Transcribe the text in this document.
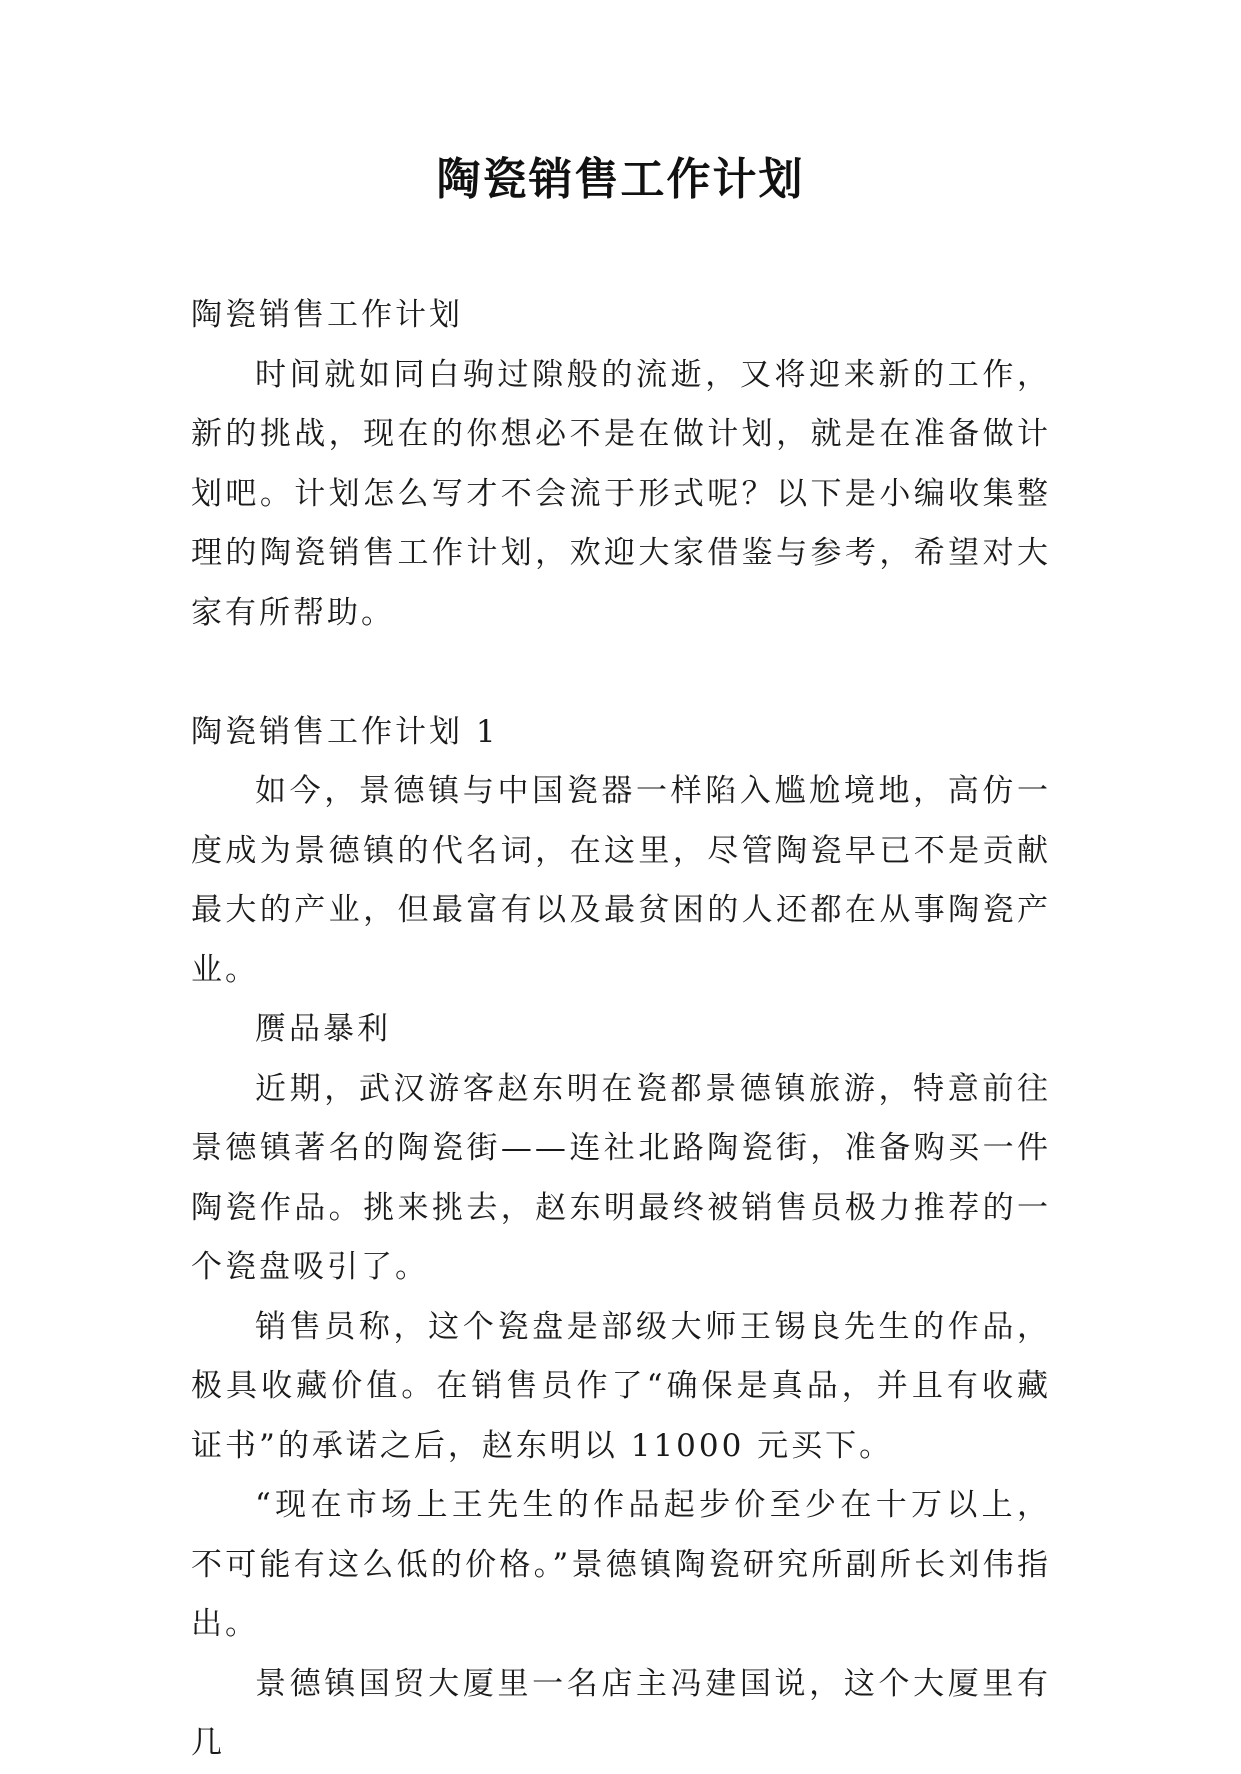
陶瓷销售工作计划

陶瓷销售工作计划

时间就如同白驹过隙般的流逝，又将迎来新的工作，新的挑战，现在的你想必不是在做计划，就是在准备做计划吧。计划怎么写才不会流于形式呢？以下是小编收集整理的陶瓷销售工作计划，欢迎大家借鉴与参考，希望对大家有所帮助。

陶瓷销售工作计划 1

如今，景德镇与中国瓷器一样陷入尴尬境地，高仿一度成为景德镇的代名词，在这里，尽管陶瓷早已不是贡献最大的产业，但最富有以及最贫困的人还都在从事陶瓷产业。

赝品暴利

近期，武汉游客赵东明在瓷都景德镇旅游，特意前往景德镇著名的陶瓷街——连社北路陶瓷街，准备购买一件陶瓷作品。挑来挑去，赵东明最终被销售员极力推荐的一个瓷盘吸引了。

销售员称，这个瓷盘是部级大师王锡良先生的作品，极具收藏价值。在销售员作了“确保是真品，并且有收藏证书”的承诺之后，赵东明以 11000 元买下。

“现在市场上王先生的作品起步价至少在十万以上，不可能有这么低的价格。”景德镇陶瓷研究所副所长刘伟指出。

景德镇国贸大厦里一名店主冯建国说，这个大厦里有几
